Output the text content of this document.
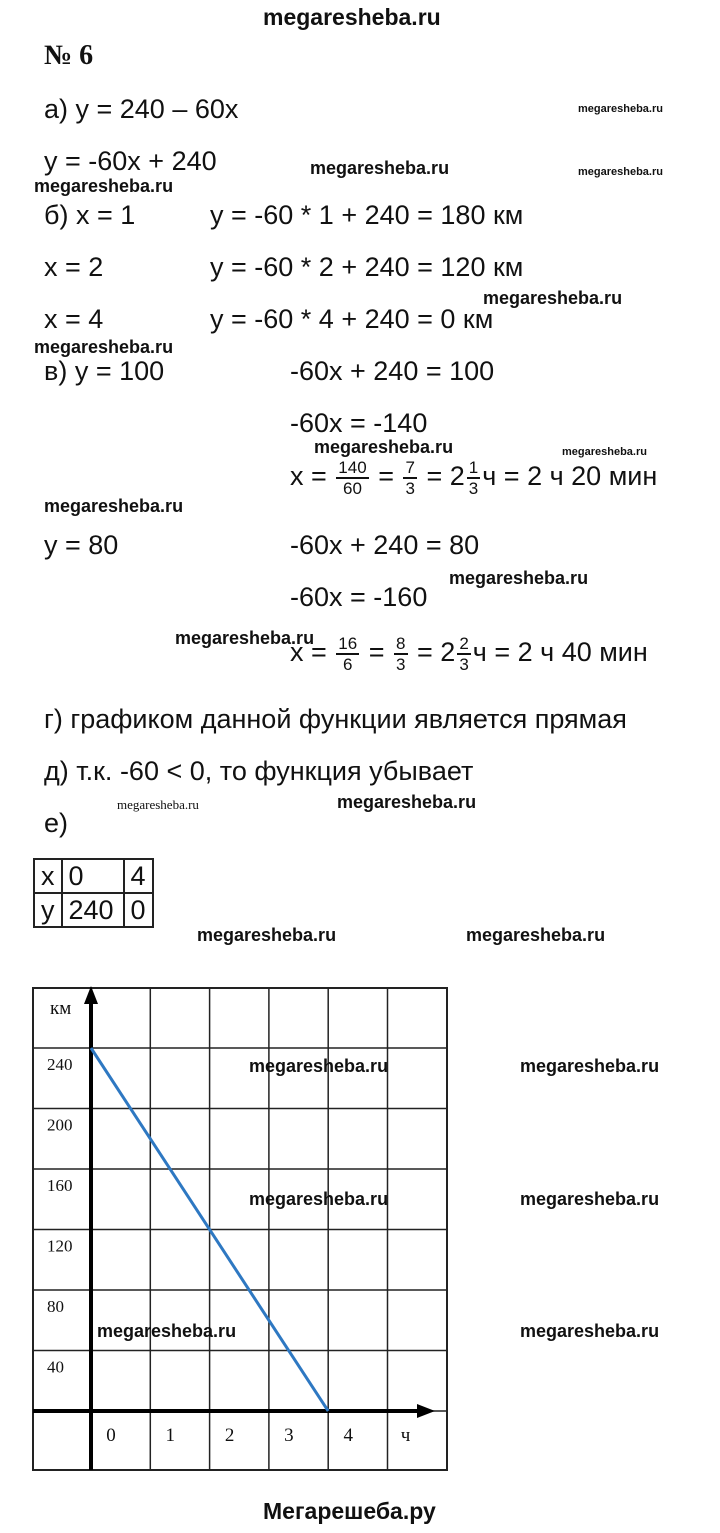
megaresheba.ru
№ 6
а) y = 240 – 60x
y = -60x + 240
б) x = 1	y = -60 * 1 + 240 = 180 км
x = 2	y = -60 * 2 + 240 = 120 км
x = 4	y = -60 * 4 + 240 = 0 км
в) y = 100	-60x + 240 = 100
-60x = -140
$x = \frac{140}{60} = \frac{7}{3} = 2 \frac{1}{3}$ ч = 2 ч 20 мин
y = 80	-60x + 240 = 80
-60x = -160
$x = \frac{16}{6} = \frac{8}{3} = 2 \frac{2}{3}$ ч = 2 ч 40 мин
г) графиком данной функции является прямая
д) т.к. -60 < 0, то функция убывает
е)
x	0	4
y	240	0
0	1	2	3	4
40
80
120
160
200
240
км
ч
megaresheba.ru
megaresheba.ru	megaresheba.ru
megaresheba.ru
megaresheba.ru
megaresheba.ru
megaresheba.ru	megaresheba.ru
megaresheba.ru
megaresheba.ru
megaresheba.ru
megaresheba.ru	megaresheba.ru
megaresheba.ru	megaresheba.ru
megaresheba.ru	megaresheba.ru
megaresheba.ru	megaresheba.ru
megaresheba.ru	megaresheba.ru
Мегарешеба.ру
